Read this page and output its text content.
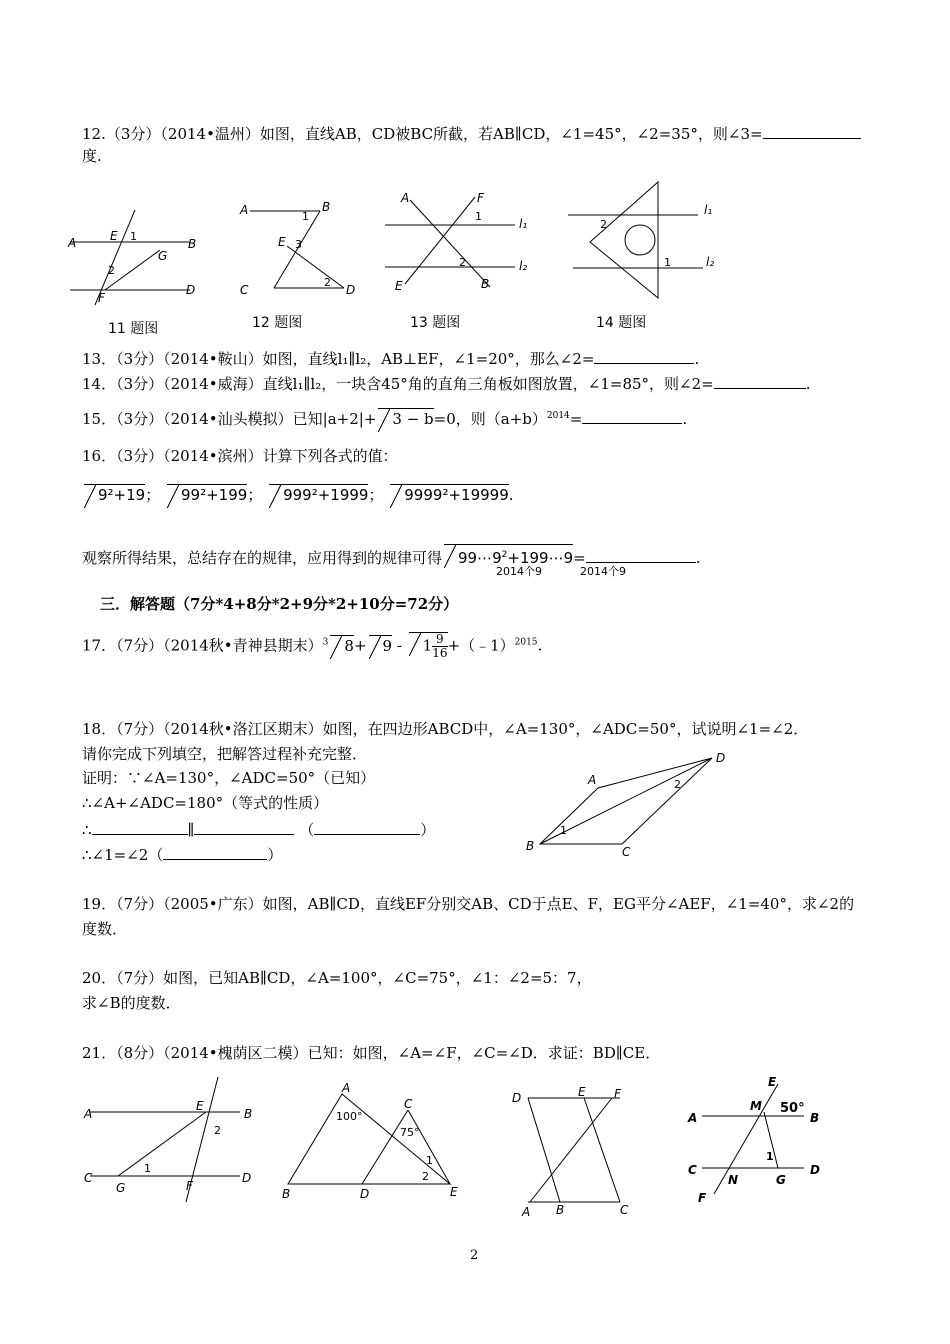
12.（3分）（2014•温州）如图，直线AB，CD被BC所截，若AB∥CD，∠1=45°，∠2=35°，则∠3=
度.
A	E 1
B
2
G
F
D
11 题图
A	B
1
E 3
C
2
D
12 题图
A	F
1
l₁
2	l₂
E	B
13 题图
l₁
2
1	l₂
14 题图
13．（3分）（2014•鞍山）如图，直线l₁∥l₂，AB⊥EF，∠1=20°，那么∠2=	.
14．（3分）（2014•威海）直线l₁∥l₂，一块含45°角的直角三角板如图放置，∠1=85°，则∠2=	.
15．（3分）（2014•汕头模拟）已知|a+2|+ 3 − b=0，则$(a+b)^{2014}=$	.
16．（3分）（2014•滨州）计算下列各式的值：
9²+19； 99²+199； 999²+1999； 9999²+19999.
观察所得结果，总结存在的规律，应用得到的规律可得 $99\cdots 9^2+199\cdots 9=$	.
2014个9	2014个9
三．解答题（7分*4+8分*2+9分*2+10分=72分）
17．（7分）（2014秋•青神县期末）$^3$ $8+ 9 - 1 \frac{9}{16}$ +（﹣1）$^{2015}$.
18．（7分）（2014秋•洛江区期末）如图，在四边形ABCD中，∠A=130°，∠ADC=50°，试说明∠1=∠2．
请你完成下列填空，把解答过程补充完整．
证明：∵∠A=130°，∠ADC=50°（已知）
∴∠A+∠ADC=180°（等式的性质）
∴	∥	（	）
∴∠1=∠2（	）
A
D
2
1
B	C
19．（7分）（2005•广东）如图，AB∥CD，直线EF分别交AB、CD于点E、F，EG平分∠AEF，∠1=40°，求∠2的
度数．
20．（7分）如图，已知AB∥CD，∠A=100°，∠C=75°，∠1：∠2=5：7，
求∠B的度数．
21．（8分）（2014•槐荫区二模）已知：如图，∠A=∠F，∠C=∠D．求证：BD∥CE．
A
E
B
2
C
1
G	F
D
A
100°
C
75°
1
2
B	D	E
D	E F
A B	C
E
M 50°
A	B
1
C
N	G
D
F
2
